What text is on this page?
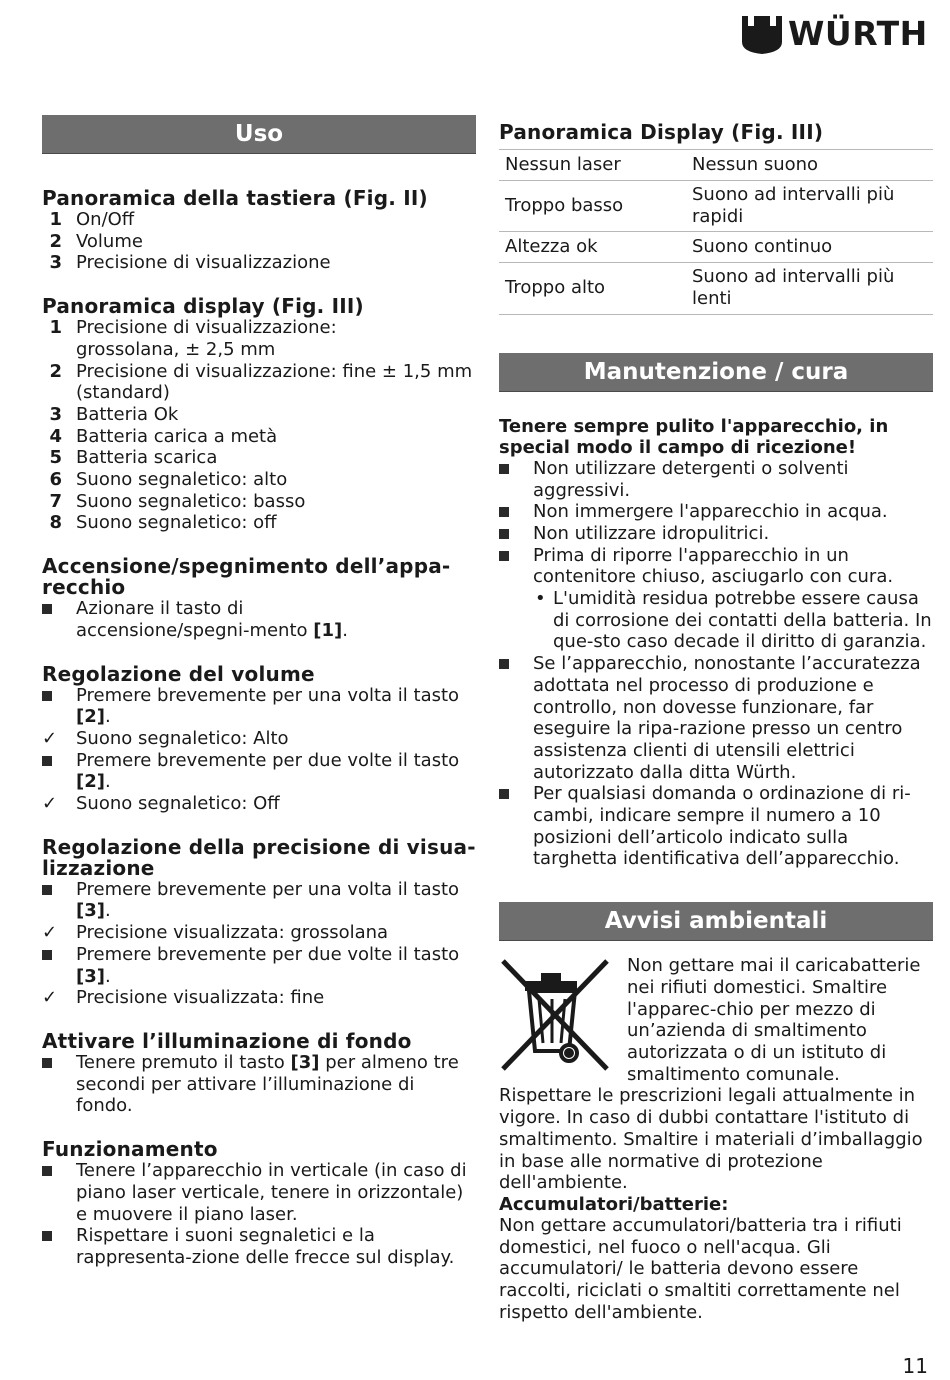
WÜRTH
Uso
Panoramica della tastiera (Fig. II)
1 On/Off
2 Volume
3 Precisione di visualizzazione
Panoramica display (Fig. III)
1 Precisione di visualizzazione: grossolana, ± 2,5 mm
2 Precisione di visualizzazione: fine ± 1,5 mm (standard)
3 Batteria Ok
4 Batteria carica a metà
5 Batteria scarica
6 Suono segnaletico: alto
7 Suono segnaletico: basso
8 Suono segnaletico: off
Accensione/spegnimento dell’appa-recchio
Azionare il tasto di accensione/spegni-mento [1].
Regolazione del volume
Premere brevemente per una volta il tasto [2].
✓ Suono segnaletico: Alto
Premere brevemente per due volte il tasto [2].
✓ Suono segnaletico: Off
Regolazione della precisione di visua-lizzazione
Premere brevemente per una volta il tasto [3].
✓ Precisione visualizzata: grossolana
Premere brevemente per due volte il tasto [3].
✓ Precisione visualizzata: fine
Attivare l’illuminazione di fondo
Tenere premuto il tasto [3] per almeno tre secondi per attivare l’illuminazione di fondo.
Funzionamento
Tenere l’apparecchio in verticale (in caso di piano laser verticale, tenere in orizzontale) e muovere il piano laser.
Rispettare i suoni segnaletici e la rappresenta-zione delle frecce sul display.
Panoramica Display (Fig. III)
Nessun laser	Nessun suono
Troppo basso	Suono ad intervalli più rapidi
Altezza ok	Suono continuo
Troppo alto	Suono ad intervalli più lenti
Manutenzione / cura
Tenere sempre pulito l'apparecchio, in special modo il campo di ricezione!
Non utilizzare detergenti o solventi aggressivi.
Non immergere l'apparecchio in acqua.
Non utilizzare idropulitrici.
Prima di riporre l'apparecchio in un contenitore chiuso, asciugarlo con cura.
• L'umidità residua potrebbe essere causa di corrosione dei contatti della batteria. In que-sto caso decade il diritto di garanzia.
Se l’apparecchio, nonostante l’accuratezza adottata nel processo di produzione e controllo, non dovesse funzionare, far eseguire la ripa-razione presso un centro assistenza clienti di utensili elettrici autorizzato dalla ditta Würth.
Per qualsiasi domanda o ordinazione di ri-cambi, indicare sempre il numero a 10 posizioni dell’articolo indicato sulla targhetta identificativa dell’apparecchio.
Avvisi ambientali

Non gettare mai il caricabatterie nei rifiuti domestici. Smaltire l'apparec-chio per mezzo di un’azienda di smaltimento autorizzata o di un istituto di smaltimento comunale. Rispettare le prescrizioni legali attualmente in vigore. In caso di dubbi contattare l'istituto di smaltimento. Smaltire i materiali d’imballaggio in base alle normative di protezione dell'ambiente.

Accumulatori/batterie:

Non gettare accumulatori/batteria tra i rifiuti domestici, nel fuoco o nell'acqua. Gli accumulatori/ le batteria devono essere raccolti, riciclati o smaltiti correttamente nel rispetto dell'ambiente.

11
